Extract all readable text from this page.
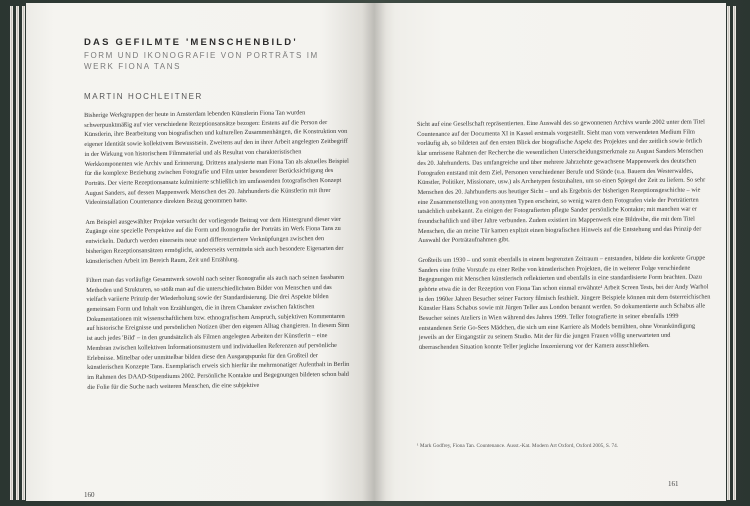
DAS GEFILMTE 'MENSCHENBILD'
FORM UND IKONOGRAFIE VON PORTRÄTS IM WERK FIONA TANS
MARTIN HOCHLEITNER

Bisherige Werkgruppen der heute in Amsterdam lebenden Künstlerin Fiona Tan wurden schwerpunktmäßig auf vier verschiedene Rezeptionsansätze bezogen: Erstens auf die Person der Künstlerin, ihre Bearbeitung von biografischen und kulturellen Zusammenhängen, die Konstruktion von eigener Identität sowie kollektivem Bewusstsein. Zweitens auf den in ihrer Arbeit angelegten Zeitbegriff in der Wirkung von historischem Filmmaterial und als Resultat von charakteristischen Werkkomponenten wie Archiv und Erinnerung. Drittens analysierte man Fiona Tan als aktuelles Beispiel für die komplexe Beziehung zwischen Fotografie und Film unter besonderer Berücksichtigung des Porträts. Der vierte Rezeptionsansatz kulminierte schließlich im umfassenden fotografischen Konzept August Sanders, auf dessen Mappenwerk Menschen des 20. Jahrhunderts die Künstlerin mit ihrer Videoinstallation Countenance direkten Bezug genommen hatte.

Am Beispiel ausgewählter Projekte versucht der vorliegende Beitrag vor dem Hintergrund dieser vier Zugänge eine spezielle Perspektive auf die Form und Ikonografie der Porträts im Werk Fiona Tans zu entwickeln. Dadurch werden einerseits neue und differenziertere Verknüpfungen zwischen den bisherigen Rezeptionsansätzen ermöglicht, andererseits vermitteln sich auch besondere Eigenarten der künstlerischen Arbeit im Bereich Raum, Zeit und Erzählung.

Filtert man das vorläufige Gesamtwerk sowohl nach seiner Ikonografie als auch nach seinen fassbaren Methoden und Strukturen, so stößt man auf die unterschiedlichsten Bilder von Menschen und das vielfach variierte Prinzip der Wiederholung sowie der Standardisierung. Die drei Aspekte bilden gemeinsam Form und Inhalt von Erzählungen, die in ihrem Charakter zwischen faktischen Dokumentationen mit wissenschaftlichem bzw. ethnografischem Anspruch, subjektiven Kommentaren auf historische Ereignisse und persönlichen Notizen über den eigenen Alltag changieren. In diesem Sinn ist auch jedes 'Bild' – in den grundsätzlich als Filmen angelegten Arbeiten der Künstlerin – eine Membran zwischen kollektiven Informationsmustern und individuellen Referenzen auf persönliche Erlebnisse. Mittelbar oder unmittelbar bilden diese den Ausgangspunkt für den Großteil der künstlerischen Konzepte Tans. Exemplarisch erweis sich hierfür ihr mehrmonatiger Aufenthalt in Berlin im Rahmen des DAAD-Stipendiums 2002. Persönliche Kontakte und Begegnungen bildeten schon bald die Folie für die Suche nach weiteren Menschen, die eine subjektive

160

Sicht auf eine Gesellschaft repräsentierten. Eine Auswahl des so gewonnenen Archivs wurde 2002 unter dem Titel Countenance auf der Documenta XI in Kassel erstmals vorgestellt. Sieht man vom verwendeten Medium Film vorläufig ab, so bildeten auf den ersten Blick der biografische Aspekt des Projektes und der zeitlich sowie örtlich klar umrissene Rahmen der Recherche die wesentlichen Unterscheidungsmerkmale zu August Sanders Menschen des 20. Jahrhunderts. Das umfangreiche und über mehrere Jahrzehnte gewachsene Mappenwerk des deutschen Fotografen entstand mit dem Ziel, Personen verschiedener Berufe und Stände (u.a. Bauern des Westerwaldes, Künstler, Politiker, Missionare, usw.) als Archetypen festzuhalten, um so einen Spiegel der Zeit zu liefern. So sehr Menschen des 20. Jahrhunderts aus heutiger Sicht – und als Ergebnis der bisherigen Rezeptionsgeschichte – wie eine Zusammenstellung von anonymen Typen erscheint, so wenig waren dem Fotografen viele der Porträtierten tatsächlich unbekannt. Zu einigen der Fotografierten pflegte Sander persönliche Kontakte; mit manchen war er freundschaftlich und über Jahre verbunden. Zudem existiert im Mappenwerk eine Bildreihe, die mit dem Titel Menschen, die an meine Tür kamen explizit einen biografischen Hinweis auf die Entstehung und das Prinzip der Auswahl der Porträtaufnahmen gibt.

Großteils um 1930 – und somit ebenfalls in einem begrenzten Zeitraum – entstanden, bildete die konkrete Gruppe Sanders eine frühe Vorstufe zu einer Reihe von künstlerischen Projekten, die in weiterer Folge verschiedene Begegnungen mit Menschen künstlerisch reflektierten und ebenfalls in eine standardisierte Form brachten. Dazu gehörte etwa die in der Rezeption von Fiona Tan schon einmal erwähnte¹ Arbeit Screen Tests, bei der Andy Warhol in den 1960er Jahren Besucher seiner Factory filmisch festhielt. Jüngere Beispiele können mit dem österreichischen Künstler Hans Schabus sowie mit Jürgen Teller aus London benannt werden. So dokumentierte auch Schabus alle Besucher seines Ateliers in Wien während des Jahres 1999. Teller fotografierte in seiner ebenfalls 1999 entstandenen Serie Go-Sees Mädchen, die sich um eine Karriere als Models bemühten, ohne Vorankündigung jeweils an der Eingangstür zu seinem Studio. Mit der für die jungen Frauen völlig unerwarteten und überraschenden Situation konnte Teller jegliche Inszenierung vor der Kamera ausschließen.

¹ Mark Godfrey, Fiona Tan. Countenance. Ausst.-Kat. Modern Art Oxford, Oxford 2005, S. 74.
161
